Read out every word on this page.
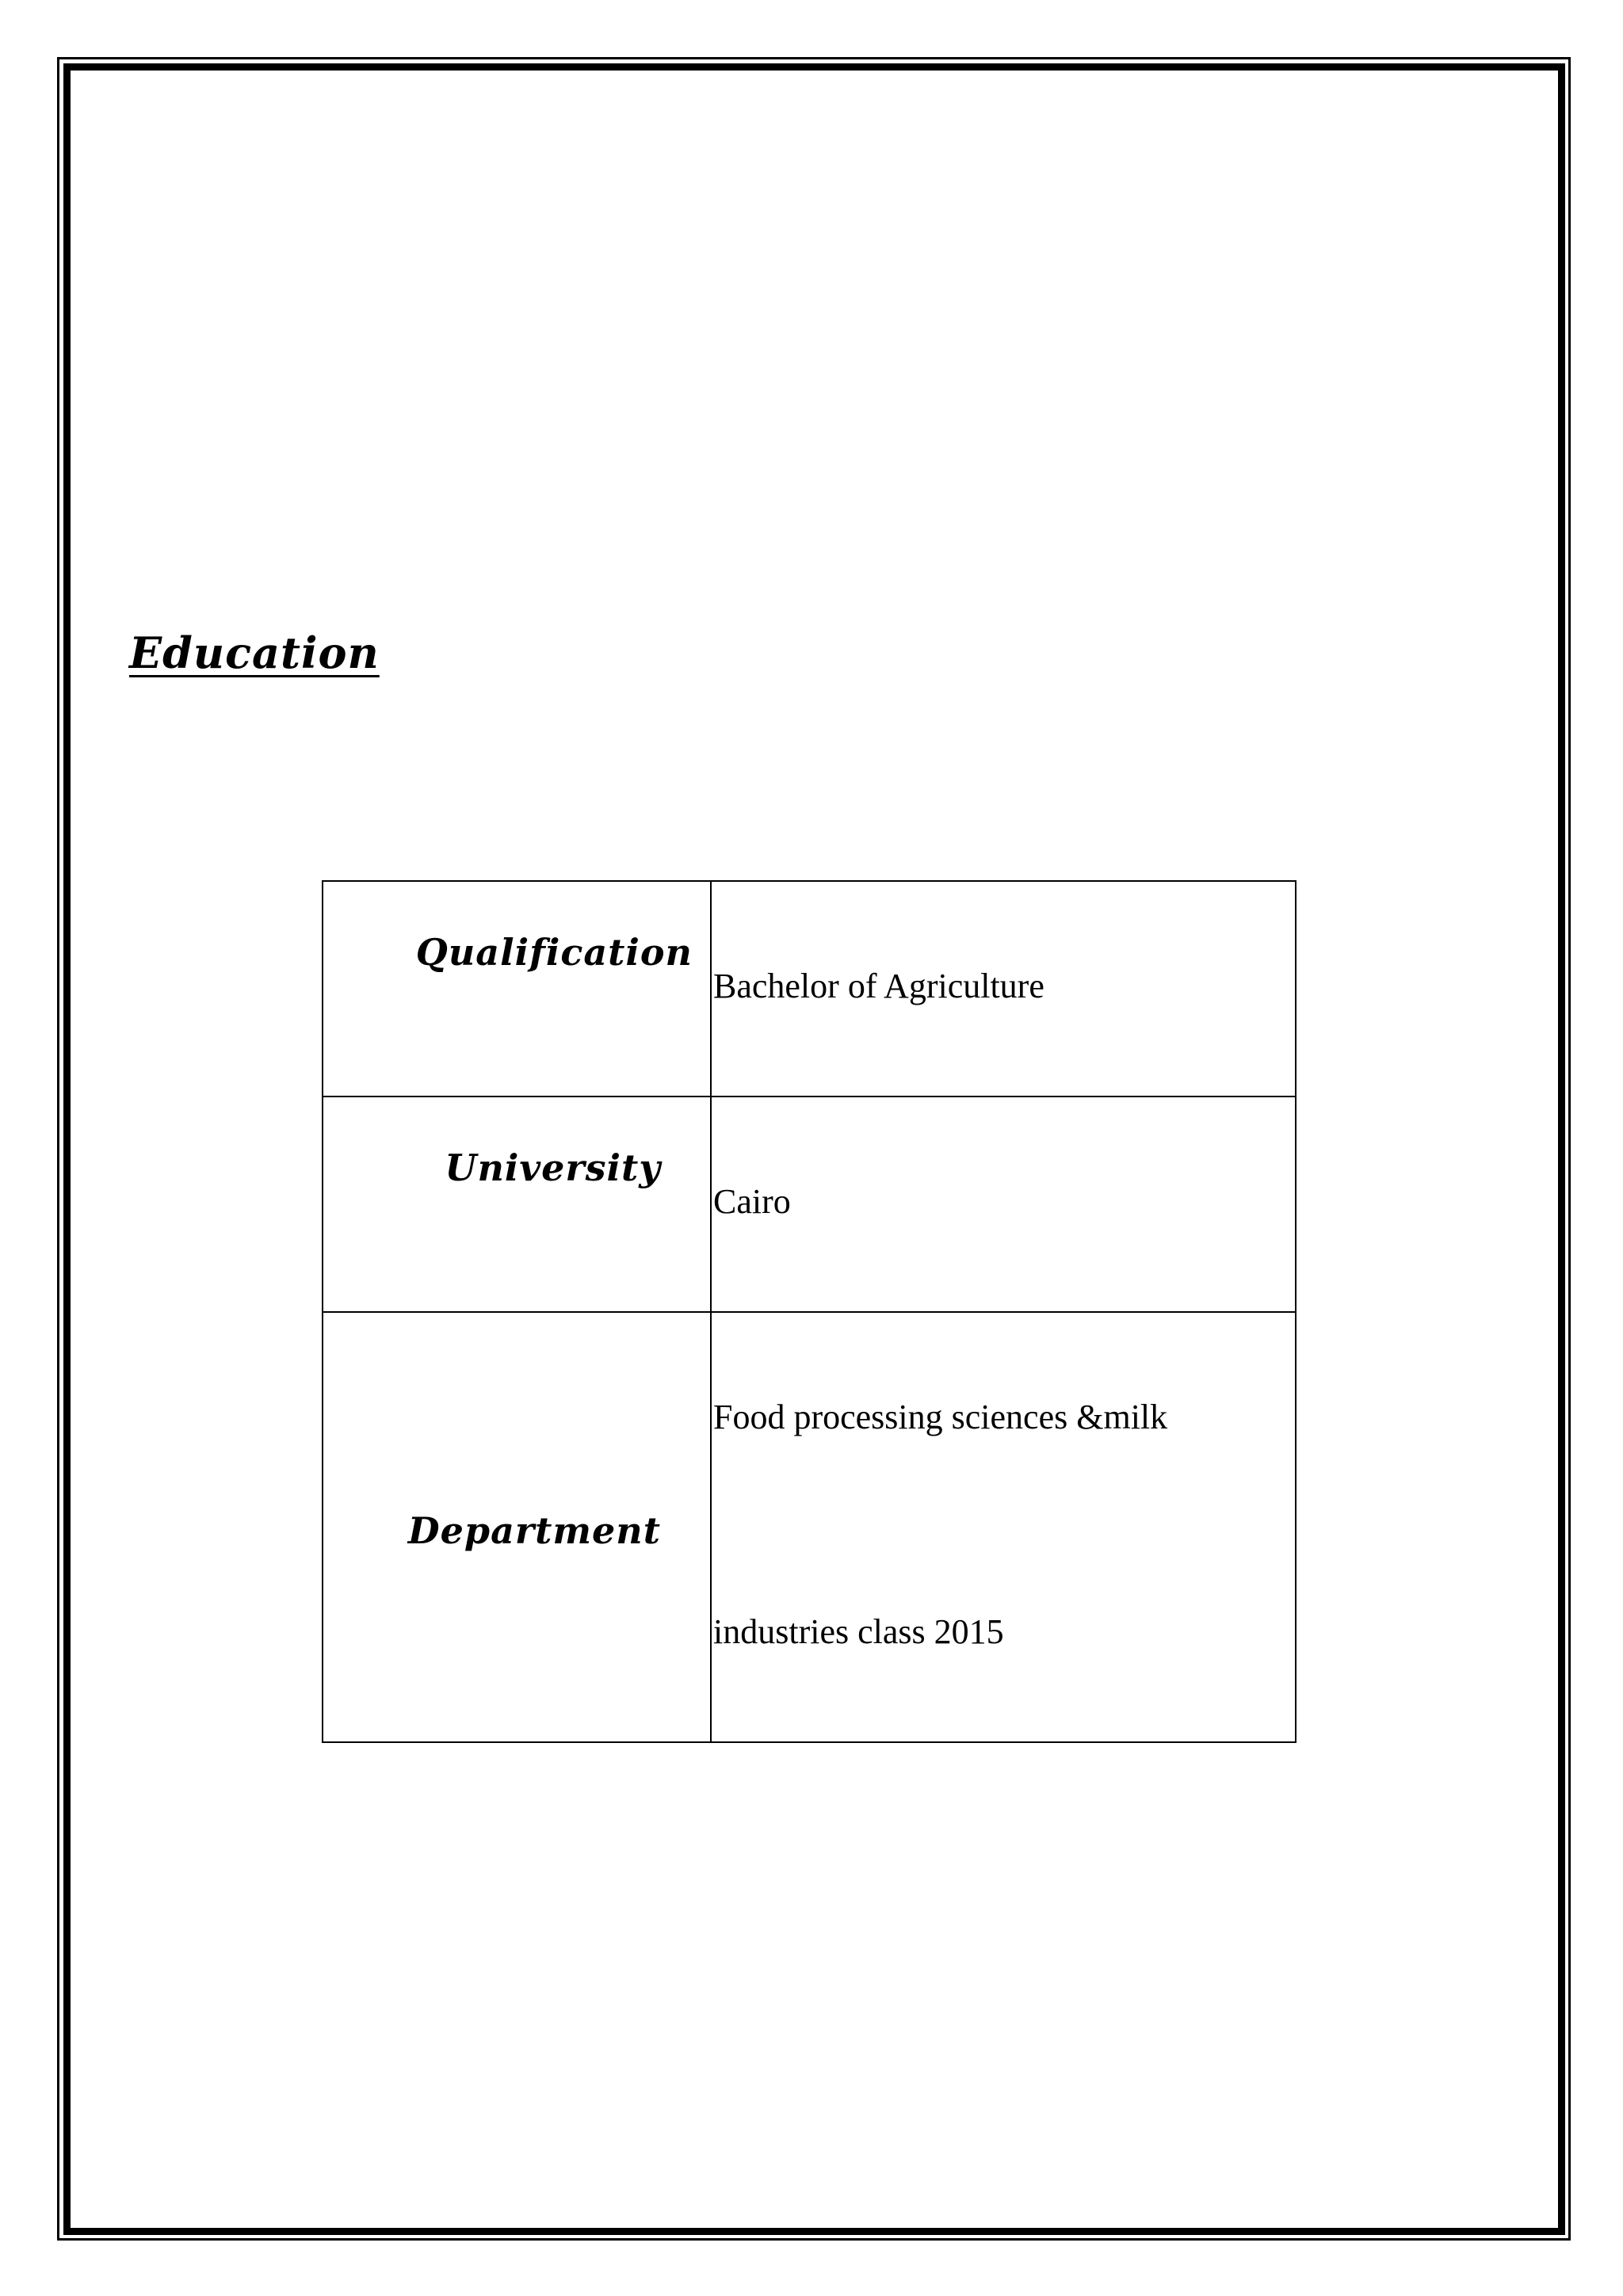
Education
Qualification	Bachelor of Agriculture

University	Cairo

Department	Food processing sciences &milk
industries class 2015
